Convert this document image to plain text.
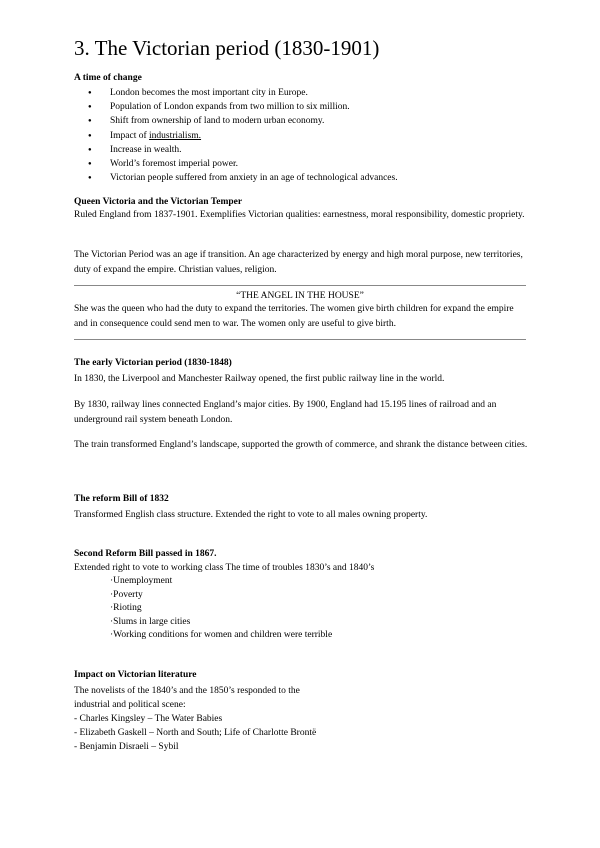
3. The Victorian period (1830-1901)

A time of change

● London becomes the most important city in Europe.
● Population of London expands from two million to six million.
● Shift from ownership of land to modern urban economy.
● Impact of industrialism.
● Increase in wealth.
● World’s foremost imperial power.
● Victorian people suffered from anxiety in an age of technological advances.

Queen Victoria and the Victorian Temper

Ruled England from 1837-1901. Exemplifies Victorian qualities: earnestness, moral responsibility, domestic propriety.

The Victorian Period was an age if transition. An age characterized by energy and high moral purpose, new territories, duty of expand the empire. Christian values, religion.

“THE ANGEL IN THE HOUSE”

She was the queen who had the duty to expand the territories. The women give birth children for expand the empire and in consequence could send men to war. The women only are useful to give birth.

The early Victorian period (1830-1848)

In 1830, the Liverpool and Manchester Railway opened, the first public railway line in the world.

By 1830, railway lines connected England’s major cities. By 1900, England had 15.195 lines of railroad and an underground rail system beneath London.

The train transformed England’s landscape, supported the growth of commerce, and shrank the distance between cities.

The reform Bill of 1832

Transformed English class structure. Extended the right to vote to all males owning property.

Second Reform Bill passed in 1867.

Extended right to vote to working class The time of troubles 1830’s and 1840’s

· Unemployment
· Poverty
· Rioting
· Slums in large cities
· Working conditions for women and children were terrible

Impact on Victorian literature

The novelists of the 1840’s and the 1850’s responded to the

industrial and political scene:

- Charles Kingsley – The Water Babies

- Elizabeth Gaskell – North and South; Life of Charlotte Brontë

- Benjamin Disraeli – Sybil
